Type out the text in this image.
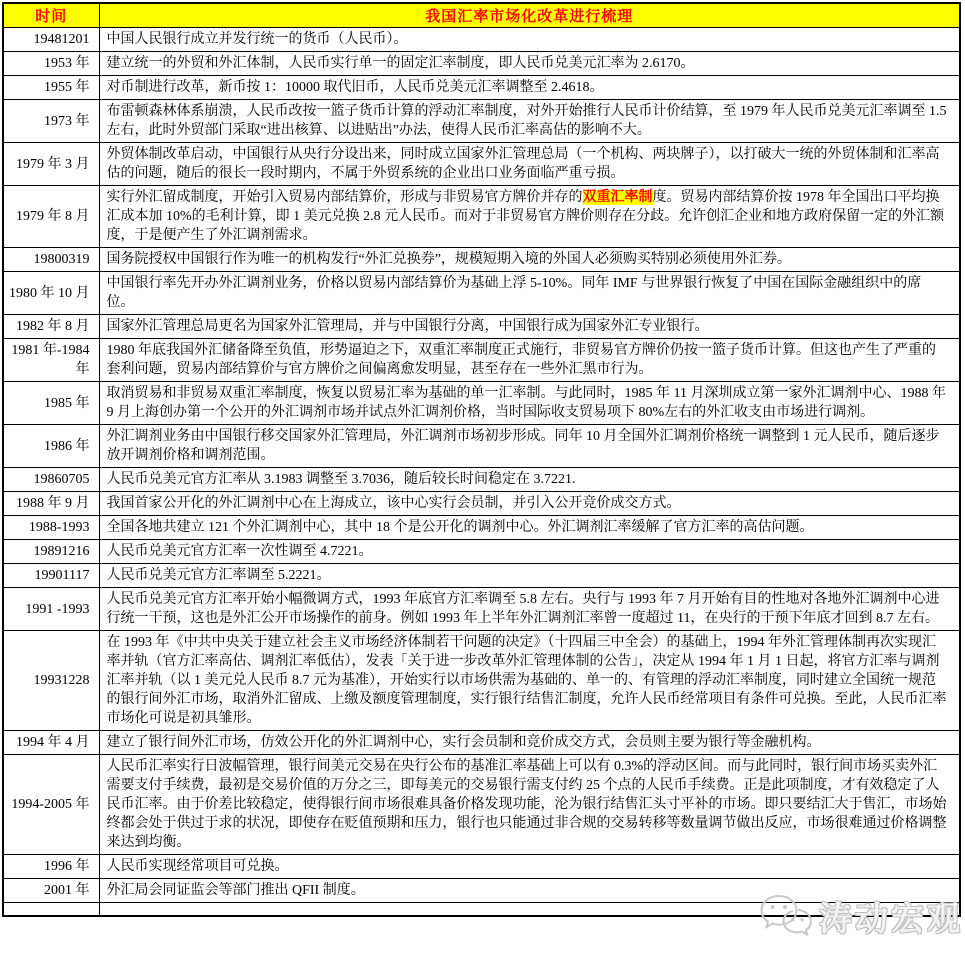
时间	我国汇率市场化改革进行梳理
19481201	中国人民银行成立并发行统一的货币（人民币）。
1953 年	建立统一的外贸和外汇体制，人民币实行单一的固定汇率制度，即人民币兑美元汇率为 2.6170。
1955 年	对币制进行改革，新币按 1：10000 取代旧币，人民币兑美元汇率调整至 2.4618。
1973 年	布雷顿森林体系崩溃，人民币改按一篮子货币计算的浮动汇率制度，对外开始推行人民币计价结算，至 1979 年人民币兑美元汇率调至 1.5 左右，此时外贸部门采取“进出核算、以进贴出”办法，使得人民币汇率高估的影响不大。
1979 年 3 月	外贸体制改革启动，中国银行从央行分设出来，同时成立国家外汇管理总局（一个机构、两块牌子），以打破大一统的外贸体制和汇率高估的问题，随后的很长一段时期内，不属于外贸系统的企业出口业务面临严重亏损。
1979 年 8 月	实行外汇留成制度，开始引入贸易内部结算价，形成与非贸易官方牌价并存的双重汇率制度。贸易内部结算价按 1978 年全国出口平均换汇成本加 10%的毛利计算，即 1 美元兑换 2.8 元人民币。而对于非贸易官方牌价则存在分歧。允许创汇企业和地方政府保留一定的外汇额度，于是便产生了外汇调剂需求。
19800319	国务院授权中国银行作为唯一的机构发行“外汇兑换券”，规模短期入境的外国人必须购买特别必须使用外汇券。
1980 年 10 月	中国银行率先开办外汇调剂业务，价格以贸易内部结算价为基础上浮 5-10%。同年 IMF 与世界银行恢复了中国在国际金融组织中的席位。
1982 年 8 月	国家外汇管理总局更名为国家外汇管理局，并与中国银行分离，中国银行成为国家外汇专业银行。
1981 年-1984 年	1980 年底我国外汇储备降至负值，形势逼迫之下，双重汇率制度正式施行，非贸易官方牌价仍按一篮子货币计算。但这也产生了严重的套利问题，贸易内部结算价与官方牌价之间偏离愈发明显，甚至存在一些外汇黑市行为。
1985 年	取消贸易和非贸易双重汇率制度，恢复以贸易汇率为基础的单一汇率制。与此同时，1985 年 11 月深圳成立第一家外汇调剂中心、1988 年 9 月上海创办第一个公开的外汇调剂市场并试点外汇调剂价格，当时国际收支贸易项下 80%左右的外汇收支由市场进行调剂。
1986 年	外汇调剂业务由中国银行移交国家外汇管理局，外汇调剂市场初步形成。同年 10 月全国外汇调剂价格统一调整到 1 元人民币，随后逐步放开调剂价格和调剂范围。
19860705	人民币兑美元官方汇率从 3.1983 调整至 3.7036，随后较长时间稳定在 3.7221.
1988 年 9 月	我国首家公开化的外汇调剂中心在上海成立，该中心实行会员制，并引入公开竞价成交方式。
1988-1993	全国各地共建立 121 个外汇调剂中心，其中 18 个是公开化的调剂中心。外汇调剂汇率缓解了官方汇率的高估问题。
19891216	人民币兑美元官方汇率一次性调至 4.7221。
19901117	人民币兑美元官方汇率调至 5.2221。
1991 -1993	人民币兑美元官方汇率开始小幅微调方式，1993 年底官方汇率调至 5.8 左右。央行与 1993 年 7 月开始有目的性地对各地外汇调剂中心进行统一干预，这也是外汇公开市场操作的前身。例如 1993 年上半年外汇调剂汇率曾一度超过 11，在央行的干预下年底才回到 8.7 左右。
19931228	在 1993 年《中共中央关于建立社会主义市场经济体制若干问题的决定》（十四届三中全会）的基础上，1994 年外汇管理体制再次实现汇率并轨（官方汇率高估、调剂汇率低估），发表「关于进一步改革外汇管理体制的公告」，决定从 1994 年 1 月 1 日起，将官方汇率与调剂汇率并轨（以 1 美元兑人民币 8.7 元为基准），开始实行以市场供需为基础的、单一的、有管理的浮动汇率制度，同时建立全国统一规范的银行间外汇市场，取消外汇留成、上缴及额度管理制度，实行银行结售汇制度，允许人民币经常项目有条件可兑换。至此，人民币汇率市场化可说是初具雏形。
1994 年 4 月	建立了银行间外汇市场，仿效公开化的外汇调剂中心，实行会员制和竞价成交方式，会员则主要为银行等金融机构。
1994-2005 年	人民币汇率实行日波幅管理，银行间美元交易在央行公布的基准汇率基础上可以有 0.3%的浮动区间。而与此同时，银行间市场买卖外汇需要支付手续费，最初是交易价值的万分之三，即每美元的交易银行需支付约 25 个点的人民币手续费。正是此项制度，才有效稳定了人民币汇率。由于价差比较稳定，使得银行间市场很难具备价格发现功能，沦为银行结售汇头寸平补的市场。即只要结汇大于售汇，市场始终都会处于供过于求的状况，即使存在贬值预期和压力，银行也只能通过非合规的交易转移等数量调节做出反应，市场很难通过价格调整来达到均衡。
1996 年	人民币实现经常项目可兑换。
2001 年	外汇局会同证监会等部门推出 QFII 制度。

涛动宏观
